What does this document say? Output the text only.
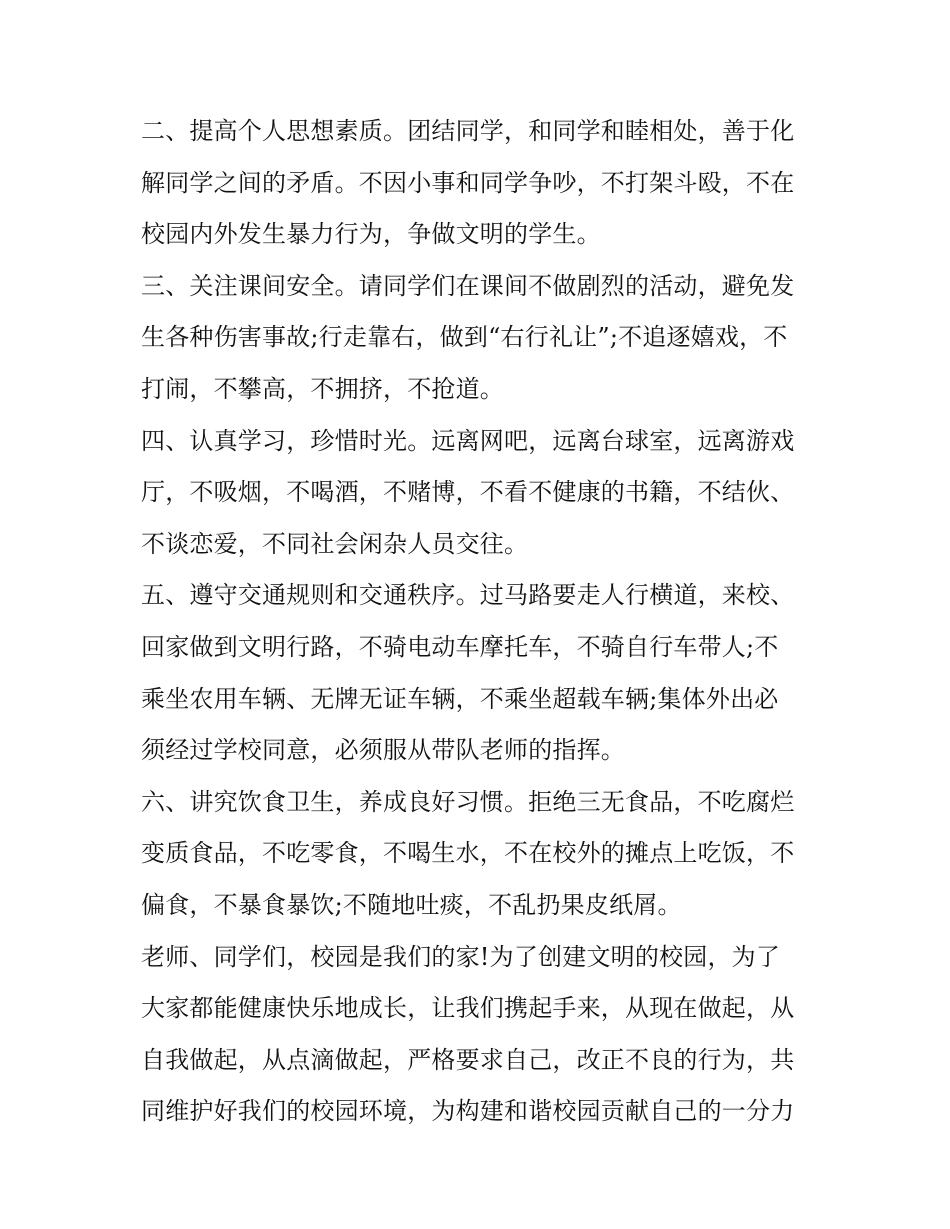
二、提高个人思想素质。团结同学，和同学和睦相处，善于化
解同学之间的矛盾。不因小事和同学争吵，不打架斗殴，不在
校园内外发生暴力行为，争做文明的学生。
三、关注课间安全。请同学们在课间不做剧烈的活动，避免发
生各种伤害事故;行走靠右，做到“右行礼让”;不追逐嬉戏，不
打闹，不攀高，不拥挤，不抢道。
四、认真学习，珍惜时光。远离网吧，远离台球室，远离游戏
厅，不吸烟，不喝酒，不赌博，不看不健康的书籍，不结伙、
不谈恋爱，不同社会闲杂人员交往。
五、遵守交通规则和交通秩序。过马路要走人行横道，来校、
回家做到文明行路，不骑电动车摩托车，不骑自行车带人;不
乘坐农用车辆、无牌无证车辆，不乘坐超载车辆;集体外出必
须经过学校同意，必须服从带队老师的指挥。
六、讲究饮食卫生，养成良好习惯。拒绝三无食品，不吃腐烂
变质食品，不吃零食，不喝生水，不在校外的摊点上吃饭，不
偏食，不暴食暴饮;不随地吐痰，不乱扔果皮纸屑。
老师、同学们，校园是我们的家!为了创建文明的校园，为了
大家都能健康快乐地成长，让我们携起手来，从现在做起，从
自我做起，从点滴做起，严格要求自己，改正不良的行为，共
同维护好我们的校园环境，为构建和谐校园贡献自己的一分力
